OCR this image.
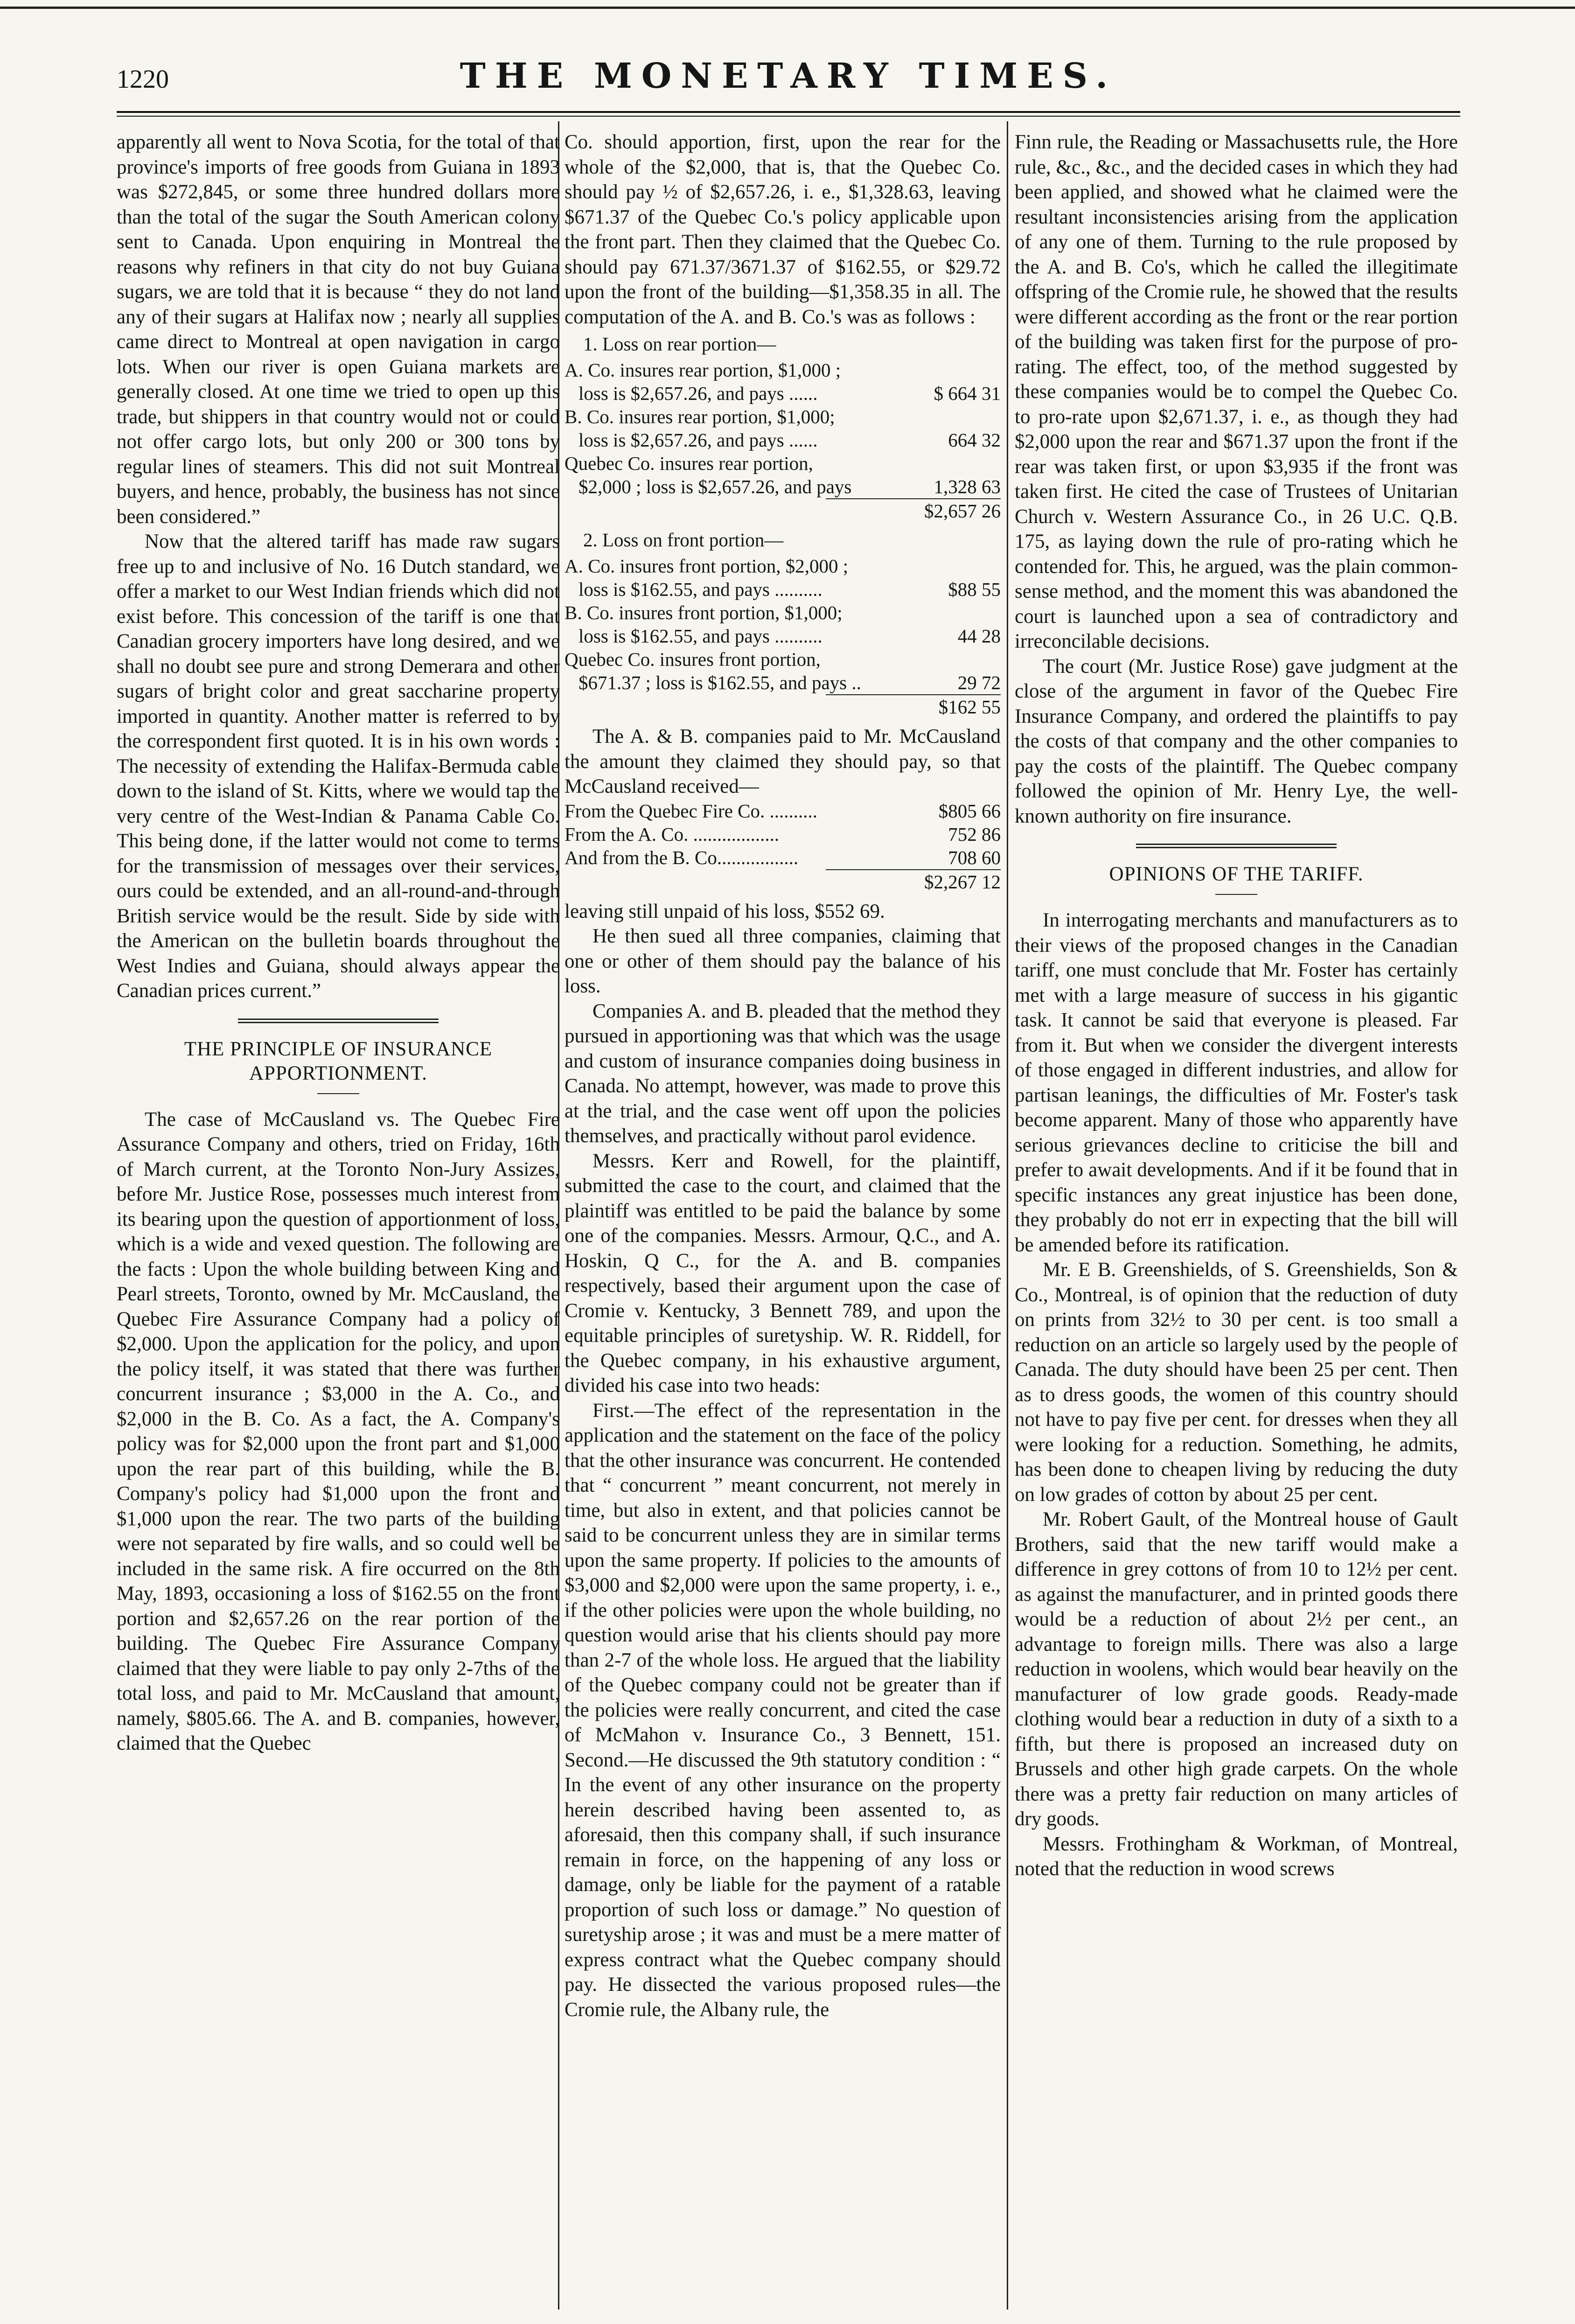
1220	THE MONETARY TIMES.

apparently all went to Nova Scotia, for the total of that province's imports of free goods from Guiana in 1893 was $272,845, or some three hundred dollars more than the total of the sugar the South American colony sent to Canada. Upon enquiring in Montreal the reasons why refiners in that city do not buy Guiana sugars, we are told that it is because “ they do not land any of their sugars at Halifax now ; nearly all supplies came direct to Montreal at open navigation in cargo lots. When our river is open Guiana markets are generally closed. At one time we tried to open up this trade, but shippers in that country would not or could not offer cargo lots, but only 200 or 300 tons by regular lines of steamers. This did not suit Montreal buyers, and hence, probably, the business has not since been considered.”

Now that the altered tariff has made raw sugars free up to and inclusive of No. 16 Dutch standard, we offer a market to our West Indian friends which did not exist before. This concession of the tariff is one that Canadian grocery importers have long desired, and we shall no doubt see pure and strong Demerara and other sugars of bright color and great saccharine property imported in quantity. Another matter is referred to by the correspondent first quoted. It is in his own words : The necessity of extending the Halifax-Bermuda cable down to the island of St. Kitts, where we would tap the very centre of the West-Indian & Panama Cable Co. This being done, if the latter would not come to terms for the transmission of messages over their services, ours could be extended, and an all-round-and-through British service would be the result. Side by side with the American on the bulletin boards throughout the West Indies and Guiana, should always appear the Canadian prices current.”

THE PRINCIPLE OF INSURANCE APPORTIONMENT.

The case of McCausland vs. The Quebec Fire Assurance Company and others, tried on Friday, 16th of March current, at the Toronto Non-Jury Assizes, before Mr. Justice Rose, possesses much interest from its bearing upon the question of apportionment of loss, which is a wide and vexed question. The following are the facts : Upon the whole building between King and Pearl streets, Toronto, owned by Mr. McCausland, the Quebec Fire Assurance Company had a policy of $2,000. Upon the application for the policy, and upon the policy itself, it was stated that there was further concurrent insurance ; $3,000 in the A. Co., and $2,000 in the B. Co. As a fact, the A. Company's policy was for $2,000 upon the front part and $1,000 upon the rear part of this building, while the B. Company's policy had $1,000 upon the front and $1,000 upon the rear. The two parts of the building were not separated by fire walls, and so could well be included in the same risk. A fire occurred on the 8th May, 1893, occasioning a loss of $162.55 on the front portion and $2,657.26 on the rear portion of the building. The Quebec Fire Assurance Company claimed that they were liable to pay only 2-7ths of the total loss, and paid to Mr. McCausland that amount, namely, $805.66. The A. and B. companies, however, claimed that the Quebec

Co. should apportion, first, upon the rear for the whole of the $2,000, that is, that the Quebec Co. should pay ½ of $2,657.26, i. e., $1,328.63, leaving $671.37 of the Quebec Co.'s policy applicable upon the front part. Then they claimed that the Quebec Co. should pay 671.37/3671.37 of $162.55, or $29.72 upon the front of the building—$1,358.35 in all. The computation of the A. and B. Co.'s was as follows :

1. Loss on rear portion—
A. Co. insures rear portion, $1,000 ;
loss is $2,657.26, and pays ......	$ 664 31
B. Co. insures rear portion, $1,000;
loss is $2,657.26, and pays ......	664 32
Quebec Co. insures rear portion,
$2,000 ; loss is $2,657.26, and pays	1,328 63
$2,657 26
2. Loss on front portion—
A. Co. insures front portion, $2,000 ;
loss is $162.55, and pays ..........	$88 55
B. Co. insures front portion, $1,000;
loss is $162.55, and pays ..........	44 28
Quebec Co. insures front portion,
$671.37 ; loss is $162.55, and pays ..	29 72
$162 55

The A. & B. companies paid to Mr. McCausland the amount they claimed they should pay, so that McCausland received—

From the Quebec Fire Co. ..........	$805 66
From the A. Co. ..................	752 86
And from the B. Co.................	708 60
$2,267 12

leaving still unpaid of his loss, $552 69.

He then sued all three companies, claiming that one or other of them should pay the balance of his loss.

Companies A. and B. pleaded that the method they pursued in apportioning was that which was the usage and custom of insurance companies doing business in Canada. No attempt, however, was made to prove this at the trial, and the case went off upon the policies themselves, and practically without parol evidence.

Messrs. Kerr and Rowell, for the plaintiff, submitted the case to the court, and claimed that the plaintiff was entitled to be paid the balance by some one of the companies. Messrs. Armour, Q.C., and A. Hoskin, Q C., for the A. and B. companies respectively, based their argument upon the case of Cromie v. Kentucky, 3 Bennett 789, and upon the equitable principles of suretyship. W. R. Riddell, for the Quebec company, in his exhaustive argument, divided his case into two heads:

First.—The effect of the representation in the application and the statement on the face of the policy that the other insurance was concurrent. He contended that “ concurrent ” meant concurrent, not merely in time, but also in extent, and that policies cannot be said to be concurrent unless they are in similar terms upon the same property. If policies to the amounts of $3,000 and $2,000 were upon the same property, i. e., if the other policies were upon the whole building, no question would arise that his clients should pay more than 2-7 of the whole loss. He argued that the liability of the Quebec company could not be greater than if the policies were really concurrent, and cited the case of McMahon v. Insurance Co., 3 Bennett, 151. Second.—He discussed the 9th statutory condition : “ In the event of any other insurance on the property herein described having been assented to, as aforesaid, then this company shall, if such insurance remain in force, on the happening of any loss or damage, only be liable for the payment of a ratable proportion of such loss or damage.” No question of suretyship arose ; it was and must be a mere matter of express contract what the Quebec company should pay. He dissected the various proposed rules—the Cromie rule, the Albany rule, the

Finn rule, the Reading or Massachusetts rule, the Hore rule, &c., &c., and the decided cases in which they had been applied, and showed what he claimed were the resultant inconsistencies arising from the application of any one of them. Turning to the rule proposed by the A. and B. Co's, which he called the illegitimate offspring of the Cromie rule, he showed that the results were different according as the front or the rear portion of the building was taken first for the purpose of pro-rating. The effect, too, of the method suggested by these companies would be to compel the Quebec Co. to pro-rate upon $2,671.37, i. e., as though they had $2,000 upon the rear and $671.37 upon the front if the rear was taken first, or upon $3,935 if the front was taken first. He cited the case of Trustees of Unitarian Church v. Western Assurance Co., in 26 U.C. Q.B. 175, as laying down the rule of pro-rating which he contended for. This, he argued, was the plain common-sense method, and the moment this was abandoned the court is launched upon a sea of contradictory and irreconcilable decisions.

The court (Mr. Justice Rose) gave judgment at the close of the argument in favor of the Quebec Fire Insurance Company, and ordered the plaintiffs to pay the costs of that company and the other companies to pay the costs of the plaintiff. The Quebec company followed the opinion of Mr. Henry Lye, the well-known authority on fire insurance.

OPINIONS OF THE TARIFF.

In interrogating merchants and manufacturers as to their views of the proposed changes in the Canadian tariff, one must conclude that Mr. Foster has certainly met with a large measure of success in his gigantic task. It cannot be said that everyone is pleased. Far from it. But when we consider the divergent interests of those engaged in different industries, and allow for partisan leanings, the difficulties of Mr. Foster's task become apparent. Many of those who apparently have serious grievances decline to criticise the bill and prefer to await developments. And if it be found that in specific instances any great injustice has been done, they probably do not err in expecting that the bill will be amended before its ratification.

Mr. E B. Greenshields, of S. Greenshields, Son & Co., Montreal, is of opinion that the reduction of duty on prints from 32½ to 30 per cent. is too small a reduction on an article so largely used by the people of Canada. The duty should have been 25 per cent. Then as to dress goods, the women of this country should not have to pay five per cent. for dresses when they all were looking for a reduction. Something, he admits, has been done to cheapen living by reducing the duty on low grades of cotton by about 25 per cent.

Mr. Robert Gault, of the Montreal house of Gault Brothers, said that the new tariff would make a difference in grey cottons of from 10 to 12½ per cent. as against the manufacturer, and in printed goods there would be a reduction of about 2½ per cent., an advantage to foreign mills. There was also a large reduction in woolens, which would bear heavily on the manufacturer of low grade goods. Ready-made clothing would bear a reduction in duty of a sixth to a fifth, but there is proposed an increased duty on Brussels and other high grade carpets. On the whole there was a pretty fair reduction on many articles of dry goods.

Messrs. Frothingham & Workman, of Montreal, noted that the reduction in wood screws
